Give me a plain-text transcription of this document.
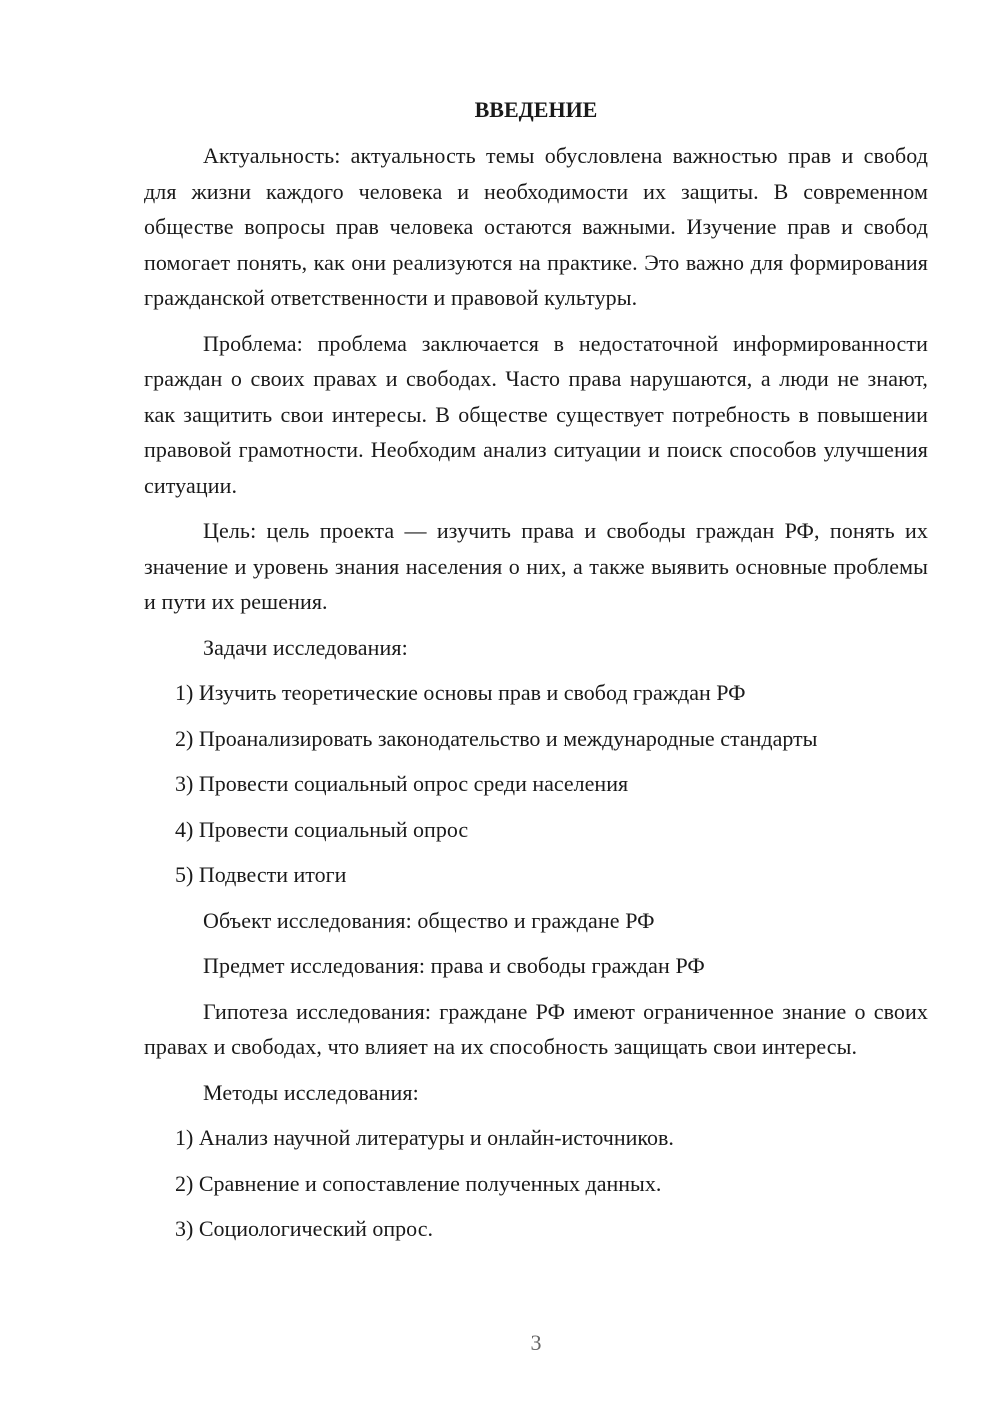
ВВЕДЕНИЕ

Актуальность: актуальность темы обусловлена важностью прав и свобод для жизни каждого человека и необходимости их защиты. В современном обществе вопросы прав человека остаются важными. Изучение прав и свобод помогает понять, как они реализуются на практике. Это важно для формирования гражданской ответственности и правовой культуры.

Проблема: проблема заключается в недостаточной информированности граждан о своих правах и свободах. Часто права нарушаются, а люди не знают, как защитить свои интересы. В обществе существует потребность в повышении правовой грамотности. Необходим анализ ситуации и поиск способов улучшения ситуации.

Цель: цель проекта — изучить права и свободы граждан РФ, понять их значение и уровень знания населения о них, а также выявить основные проблемы и пути их решения.

Задачи исследования:

1) Изучить теоретические основы прав и свобод граждан РФ

2) Проанализировать законодательство и международные стандарты

3) Провести социальный опрос среди населения

4) Провести социальный опрос

5) Подвести итоги

Объект исследования: общество и граждане РФ

Предмет исследования: права и свободы граждан РФ

Гипотеза исследования: граждане РФ имеют ограниченное знание о своих правах и свободах, что влияет на их способность защищать свои интересы.

Методы исследования:

1) Анализ научной литературы и онлайн-источников.

2) Сравнение и сопоставление полученных данных.

3) Социологический опрос.

3
